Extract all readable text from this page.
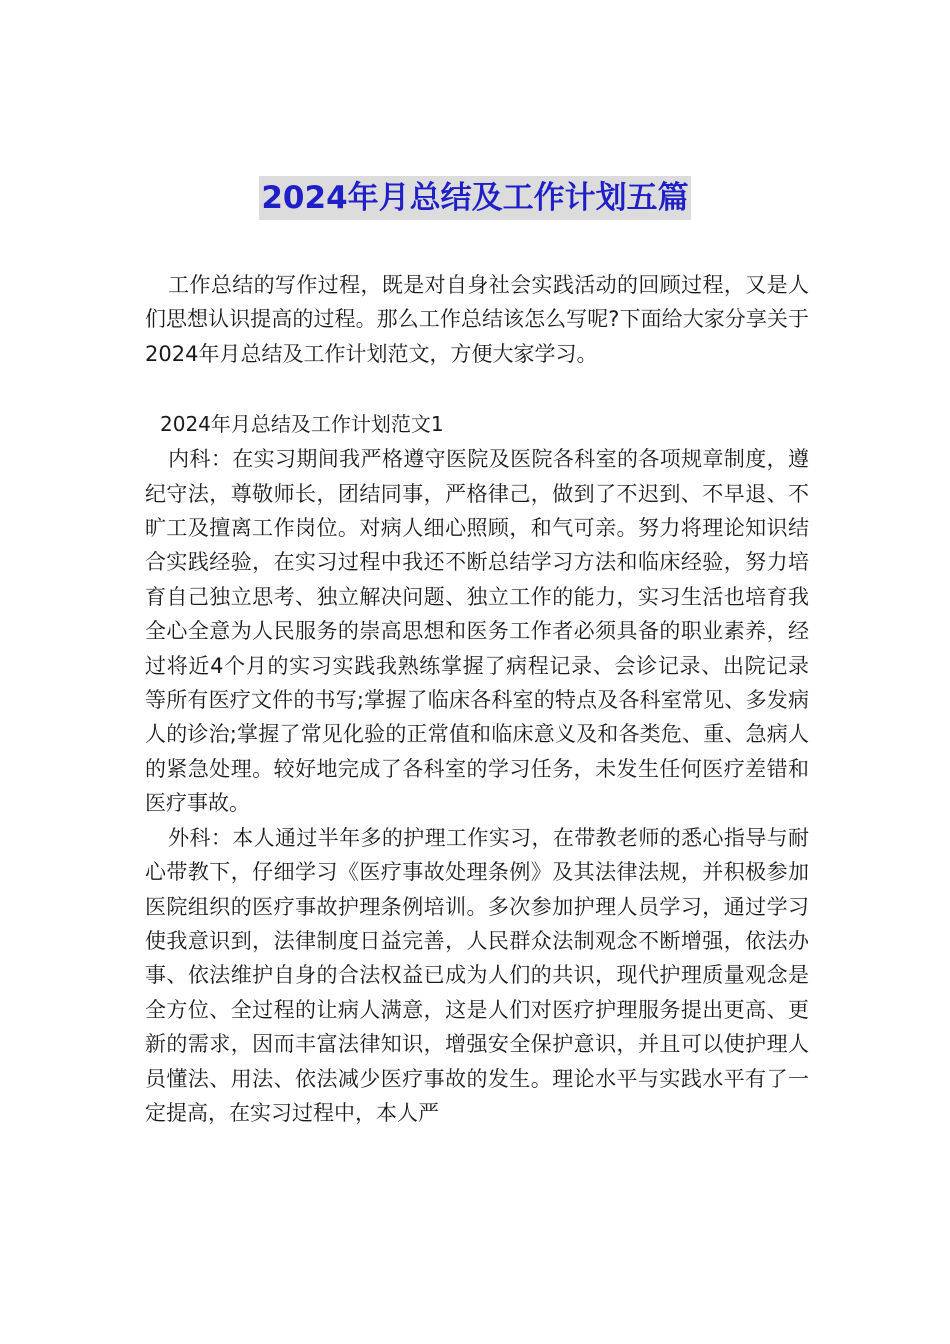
2024年月总结及工作计划五篇

工作总结的写作过程，既是对自身社会实践活动的回顾过程，又是人们思想认识提高的过程。那么工作总结该怎么写呢?下面给大家分享关于2024年月总结及工作计划范文，方便大家学习。

2024年月总结及工作计划范文1

内科：在实习期间我严格遵守医院及医院各科室的各项规章制度，遵纪守法，尊敬师长，团结同事，严格律己，做到了不迟到、不早退、不旷工及擅离工作岗位。对病人细心照顾，和气可亲。努力将理论知识结合实践经验，在实习过程中我还不断总结学习方法和临床经验，努力培育自己独立思考、独立解决问题、独立工作的能力，实习生活也培育我全心全意为人民服务的崇高思想和医务工作者必须具备的职业素养，经过将近4个月的实习实践我熟练掌握了病程记录、会诊记录、出院记录等所有医疗文件的书写;掌握了临床各科室的特点及各科室常见、多发病人的诊治;掌握了常见化验的正常值和临床意义及和各类危、重、急病人的紧急处理。较好地完成了各科室的学习任务，未发生任何医疗差错和医疗事故。

外科：本人通过半年多的护理工作实习，在带教老师的悉心指导与耐心带教下，仔细学习《医疗事故处理条例》及其法律法规，并积极参加医院组织的医疗事故护理条例培训。多次参加护理人员学习，通过学习使我意识到，法律制度日益完善，人民群众法制观念不断增强，依法办事、依法维护自身的合法权益已成为人们的共识，现代护理质量观念是全方位、全过程的让病人满意，这是人们对医疗护理服务提出更高、更新的需求，因而丰富法律知识，增强安全保护意识，并且可以使护理人员懂法、用法、依法减少医疗事故的发生。理论水平与实践水平有了一定提高，在实习过程中，本人严
